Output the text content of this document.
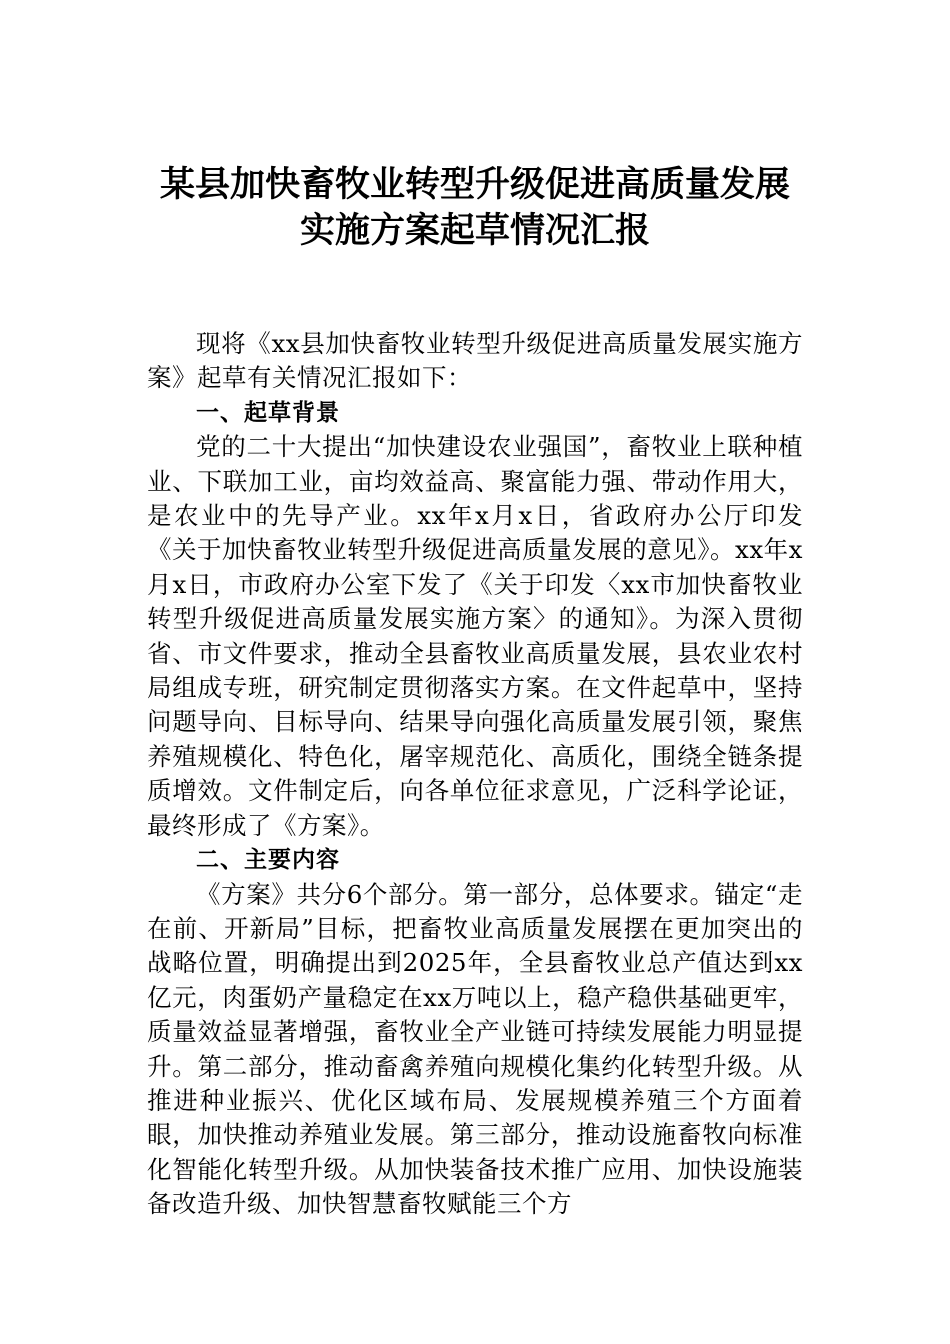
某县加快畜牧业转型升级促进高质量发展
实施方案起草情况汇报

现将《xx县加快畜牧业转型升级促进高质量发展实施方案》起草有关情况汇报如下：

一、起草背景

党的二十大提出“加快建设农业强国”，畜牧业上联种植业、下联加工业，亩均效益高、聚富能力强、带动作用大，是农业中的先导产业。xx年x月x日，省政府办公厅印发《关于加快畜牧业转型升级促进高质量发展的意见》。xx年x月x日，市政府办公室下发了《关于印发〈xx市加快畜牧业转型升级促进高质量发展实施方案〉的通知》。为深入贯彻省、市文件要求，推动全县畜牧业高质量发展，县农业农村局组成专班，研究制定贯彻落实方案。在文件起草中，坚持问题导向、目标导向、结果导向强化高质量发展引领，聚焦养殖规模化、特色化，屠宰规范化、高质化，围绕全链条提质增效。文件制定后，向各单位征求意见，广泛科学论证，最终形成了《方案》。

二、主要内容

《方案》共分6个部分。第一部分，总体要求。锚定“走在前、开新局”目标，把畜牧业高质量发展摆在更加突出的战略位置，明确提出到2025年，全县畜牧业总产值达到xx亿元，肉蛋奶产量稳定在xx万吨以上，稳产稳供基础更牢，质量效益显著增强，畜牧业全产业链可持续发展能力明显提升。第二部分，推动畜禽养殖向规模化集约化转型升级。从推进种业振兴、优化区域布局、发展规模养殖三个方面着眼，加快推动养殖业发展。第三部分，推动设施畜牧向标准化智能化转型升级。从加快装备技术推广应用、加快设施装备改造升级、加快智慧畜牧赋能三个方
